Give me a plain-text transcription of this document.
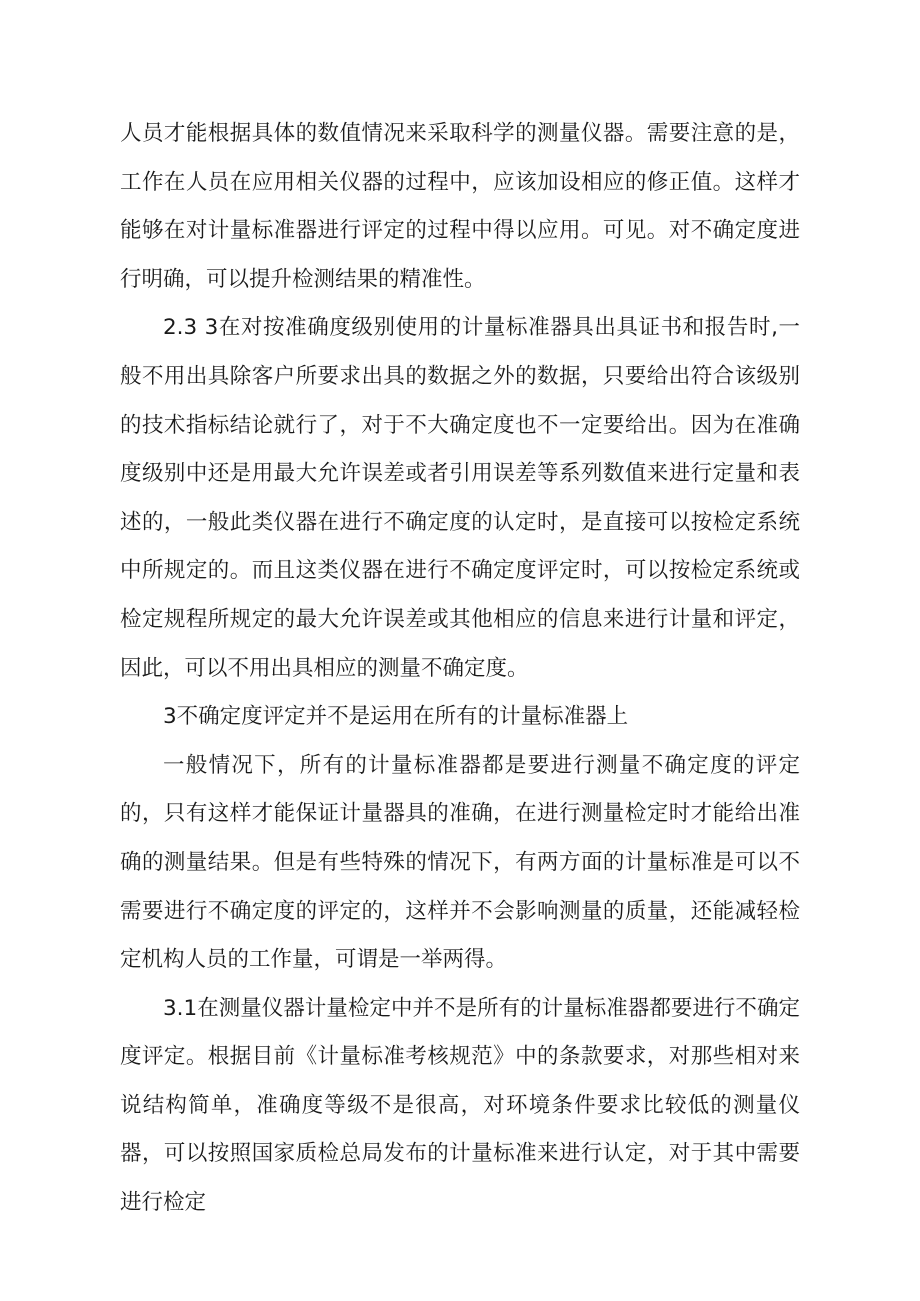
人员才能根据具体的数值情况来采取科学的测量仪器。需要注意的是，工作在人员在应用相关仪器的过程中，应该加设相应的修正值。这样才能够在对计量标准器进行评定的过程中得以应用。可见。对不确定度进行明确，可以提升检测结果的精准性。

2.3 3在对按准确度级别使用的计量标准器具出具证书和报告时,一般不用出具除客户所要求出具的数据之外的数据，只要给出符合该级别的技术指标结论就行了，对于不大确定度也不一定要给出。因为在准确度级别中还是用最大允许误差或者引用误差等系列数值来进行定量和表述的，一般此类仪器在进行不确定度的认定时，是直接可以按检定系统中所规定的。而且这类仪器在进行不确定度评定时，可以按检定系统或检定规程所规定的最大允许误差或其他相应的信息来进行计量和评定，因此，可以不用出具相应的测量不确定度。

3不确定度评定并不是运用在所有的计量标准器上

一般情况下，所有的计量标准器都是要进行测量不确定度的评定的，只有这样才能保证计量器具的准确，在进行测量检定时才能给出准确的测量结果。但是有些特殊的情况下，有两方面的计量标准是可以不需要进行不确定度的评定的，这样并不会影响测量的质量，还能减轻检定机构人员的工作量，可谓是一举两得。

3.1在测量仪器计量检定中并不是所有的计量标准器都要进行不确定度评定。根据目前《计量标准考核规范》中的条款要求，对那些相对来说结构简单，准确度等级不是很高，对环境条件要求比较低的测量仪器，可以按照国家质检总局发布的计量标准来进行认定，对于其中需要进行检定
